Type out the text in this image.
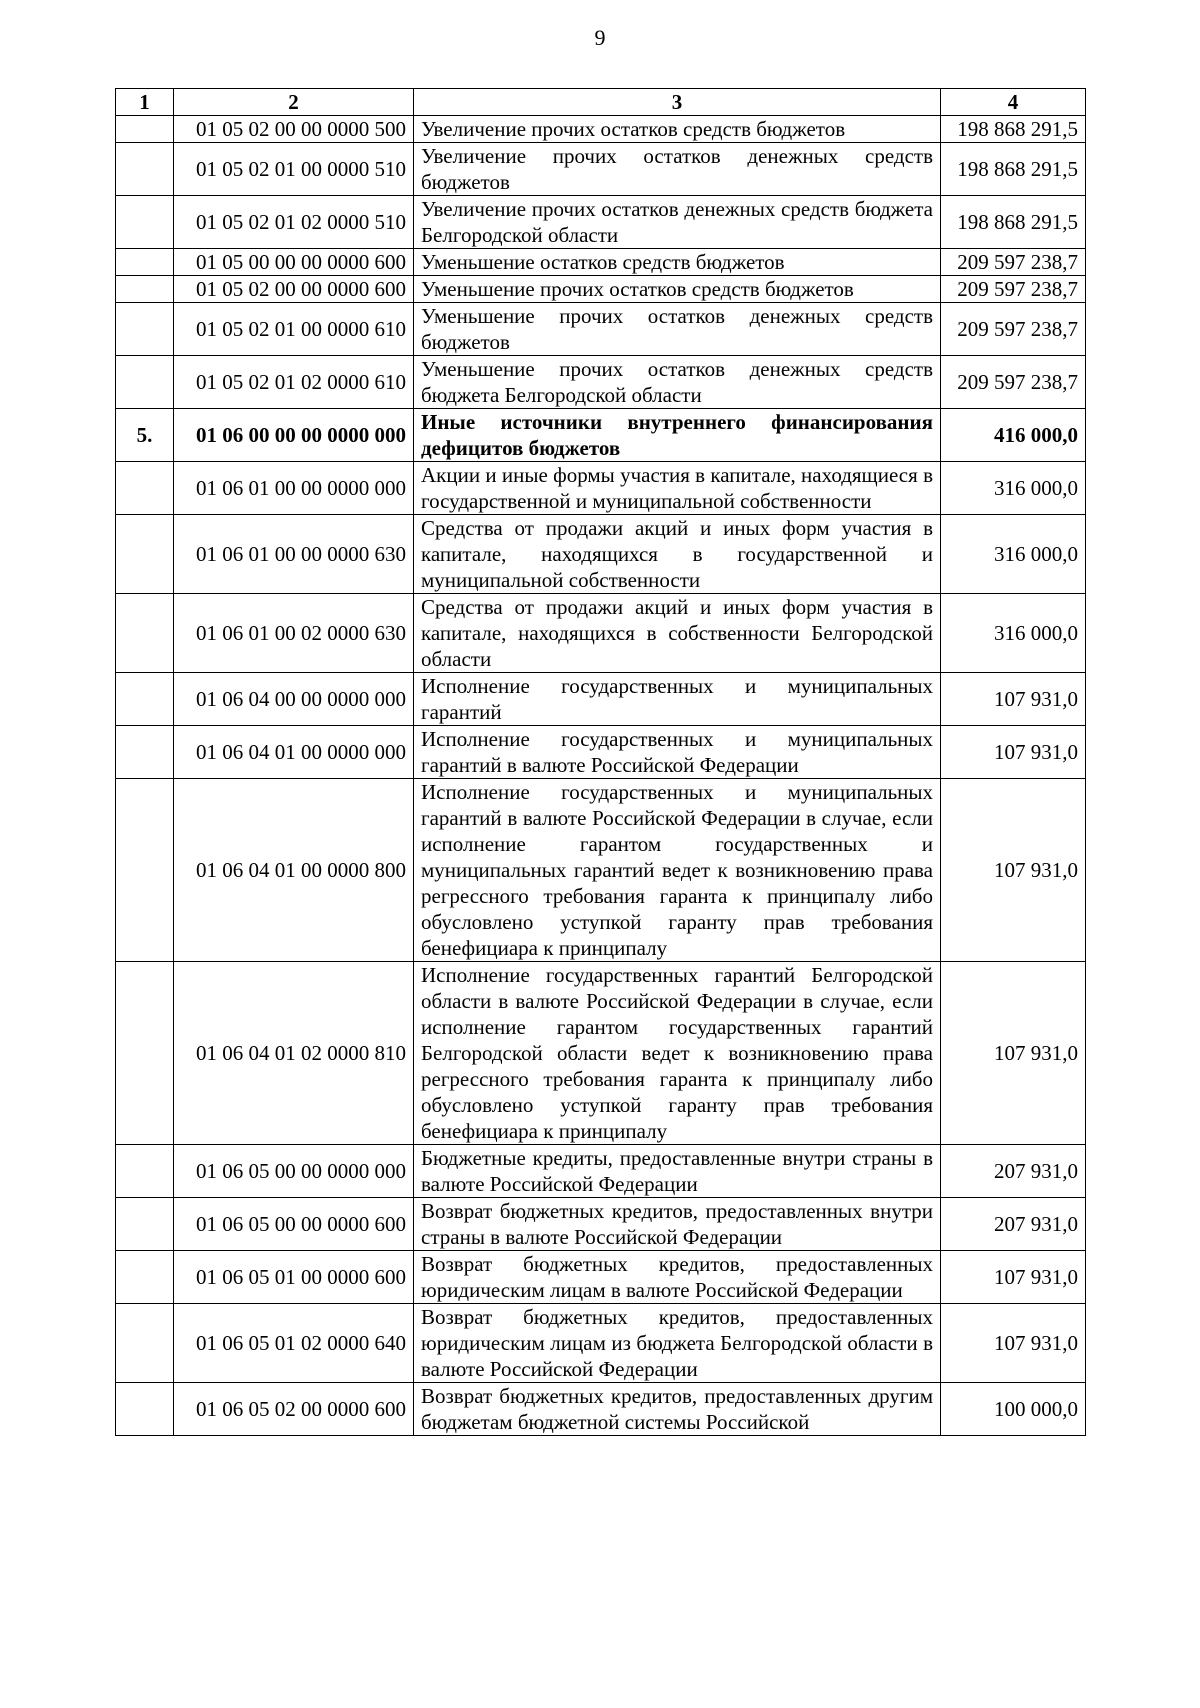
9
1	2	3	4
	01 05 02 00 00 0000 500	Увеличение прочих остатков средств бюджетов	198 868 291,5
	01 05 02 01 00 0000 510	Увеличение прочих остатков денежных средств бюджетов	198 868 291,5
	01 05 02 01 02 0000 510	Увеличение прочих остатков денежных средств бюджета Белгородской области	198 868 291,5
	01 05 00 00 00 0000 600	Уменьшение остатков средств бюджетов	209 597 238,7
	01 05 02 00 00 0000 600	Уменьшение прочих остатков средств бюджетов	209 597 238,7
	01 05 02 01 00 0000 610	Уменьшение прочих остатков денежных средств бюджетов	209 597 238,7
	01 05 02 01 02 0000 610	Уменьшение прочих остатков денежных средств бюджета Белгородской области	209 597 238,7
5.	01 06 00 00 00 0000 000	Иные источники внутреннего финансирования дефицитов бюджетов	416 000,0
	01 06 01 00 00 0000 000	Акции и иные формы участия в капитале, находящиеся в государственной и муниципальной собственности	316 000,0
	01 06 01 00 00 0000 630	Средства от продажи акций и иных форм участия в капитале, находящихся в государственной и муниципальной собственности	316 000,0
	01 06 01 00 02 0000 630	Средства от продажи акций и иных форм участия в капитале, находящихся в собственности Белгородской области	316 000,0
	01 06 04 00 00 0000 000	Исполнение государственных и муниципальных гарантий	107 931,0
	01 06 04 01 00 0000 000	Исполнение государственных и муниципальных гарантий в валюте Российской Федерации	107 931,0
	01 06 04 01 00 0000 800	Исполнение государственных и муниципальных гарантий в валюте Российской Федерации в случае, если исполнение гарантом государственных и муниципальных гарантий ведет к возникновению права регрессного требования гаранта к принципалу либо обусловлено уступкой гаранту прав требования бенефициара к принципалу	107 931,0
	01 06 04 01 02 0000 810	Исполнение государственных гарантий Белгородской области в валюте Российской Федерации в случае, если исполнение гарантом государственных гарантий Белгородской области ведет к возникновению права регрессного требования гаранта к принципалу либо обусловлено уступкой гаранту прав требования бенефициара к принципалу	107 931,0
	01 06 05 00 00 0000 000	Бюджетные кредиты, предоставленные внутри страны в валюте Российской Федерации	207 931,0
	01 06 05 00 00 0000 600	Возврат бюджетных кредитов, предоставленных внутри страны в валюте Российской Федерации	207 931,0
	01 06 05 01 00 0000 600	Возврат бюджетных кредитов, предоставленных юридическим лицам в валюте Российской Федерации	107 931,0
	01 06 05 01 02 0000 640	Возврат бюджетных кредитов, предоставленных юридическим лицам из бюджета Белгородской области в валюте Российской Федерации	107 931,0
	01 06 05 02 00 0000 600	Возврат бюджетных кредитов, предоставленных другим бюджетам бюджетной системы Российской	100 000,0
